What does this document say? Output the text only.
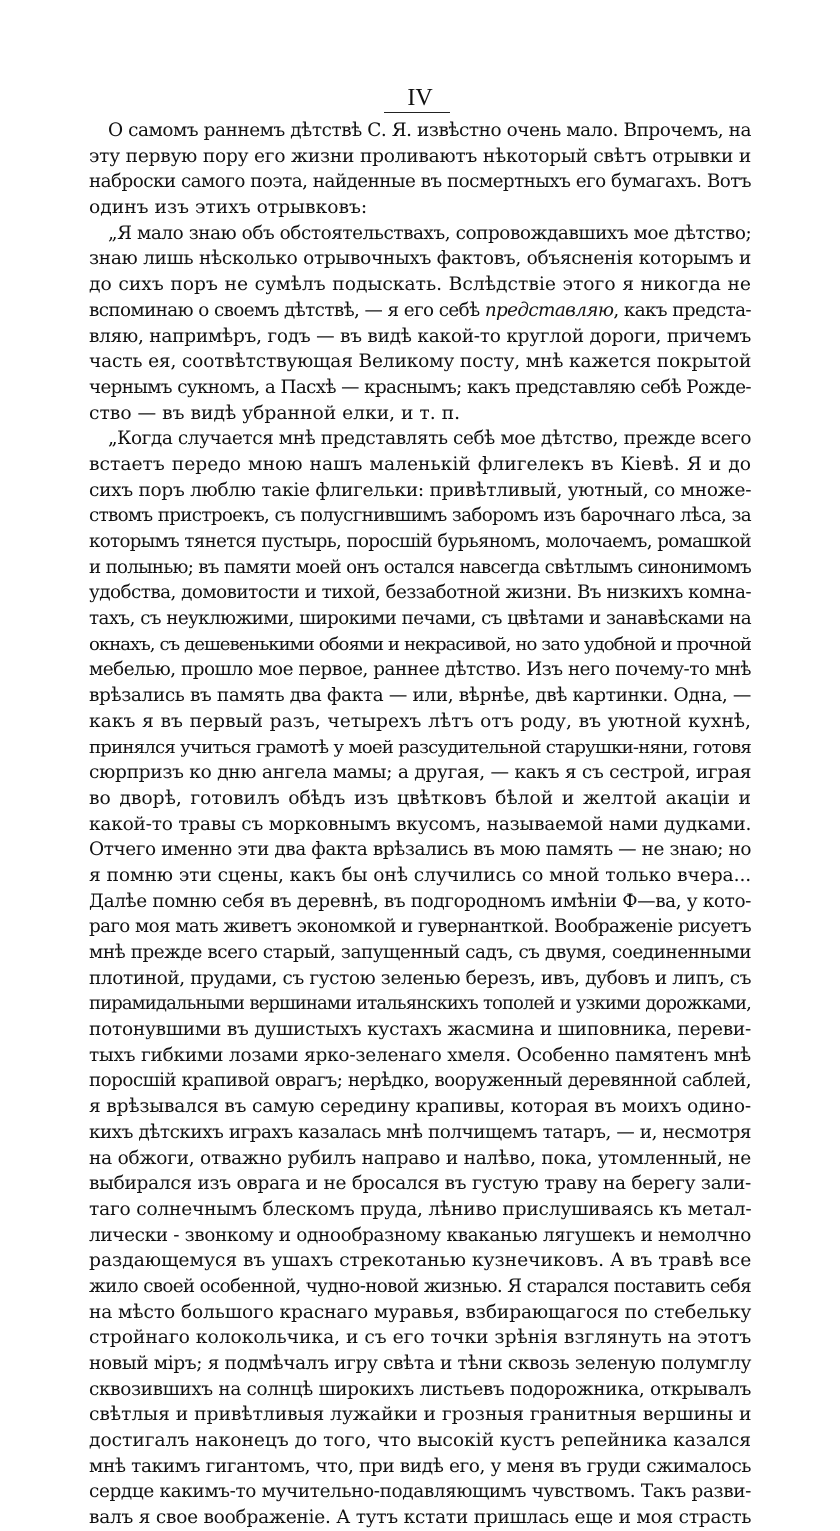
IV
О самомъ раннемъ дѣтствѣ С. Я. извѣстно очень мало. Впрочемъ, на
эту первую пору его жизни проливаютъ нѣкоторый свѣтъ отрывки и
наброски самого поэта, найденные въ посмертныхъ его бумагахъ. Вотъ
одинъ изъ этихъ отрывковъ:
„Я мало знаю объ обстоятельствахъ, сопровождавшихъ мое дѣтство;
знаю лишь нѣсколько отрывочныхъ фактовъ, объясненія которымъ и
до сихъ поръ не сумѣлъ подыскать. Вслѣдствіе этого я никогда не
вспоминаю о своемъ дѣтствѣ, — я его себѣ представляю, какъ предста-
вляю, напримѣръ, годъ — въ видѣ какой-то круглой дороги, причемъ
часть ея, соотвѣтствующая Великому посту, мнѣ кажется покрытой
чернымъ сукномъ, а Пасхѣ — краснымъ; какъ представляю себѣ Рожде-
ство — въ видѣ убранной елки, и т. п.
„Когда случается мнѣ представлять себѣ мое дѣтство, прежде всего
встаетъ передо мною нашъ маленькій флигелекъ въ Кіевѣ. Я и до
сихъ поръ люблю такіе флигельки: привѣтливый, уютный, со множе-
ствомъ пристроекъ, съ полусгнившимъ заборомъ изъ барочнаго лѣса, за
которымъ тянется пустырь, поросшій бурьяномъ, молочаемъ, ромашкой
и полынью; въ памяти моей онъ остался навсегда свѣтлымъ синонимомъ
удобства, домовитости и тихой, беззаботной жизни. Въ низкихъ комна-
тахъ, съ неуклюжими, широкими печами, съ цвѣтами и занавѣсками на
окнахъ, съ дешевенькими обоями и некрасивой, но зато удобной и прочной
мебелью, прошло мое первое, раннее дѣтство. Изъ него почему-то мнѣ
врѣзались въ память два факта — или, вѣрнѣе, двѣ картинки. Одна, —
какъ я въ первый разъ, четырехъ лѣтъ отъ роду, въ уютной кухнѣ,
принялся учиться грамотѣ у моей разсудительной старушки-няни, готовя
сюрпризъ ко дню ангела мамы; а другая, — какъ я съ сестрой, играя
во дворѣ, готовилъ обѣдъ изъ цвѣтковъ бѣлой и желтой акаціи и
какой-то травы съ морковнымъ вкусомъ, называемой нами дудками.
Отчего именно эти два факта врѣзались въ мою память — не знаю; но
я помню эти сцены, какъ бы онѣ случились со мной только вчера...
Далѣе помню себя въ деревнѣ, въ подгородномъ имѣніи Ф—ва, у кото-
раго моя мать живетъ экономкой и гувернанткой. Воображеніе рисуетъ
мнѣ прежде всего старый, запущенный садъ, съ двумя, соединенными
плотиной, прудами, съ густою зеленью березъ, ивъ, дубовъ и липъ, съ
пирамидальными вершинами итальянскихъ тополей и узкими дорожками,
потонувшими въ душистыхъ кустахъ жасмина и шиповника, переви-
тыхъ гибкими лозами ярко-зеленаго хмеля. Особенно памятенъ мнѣ
поросшій крапивой оврагъ; нерѣдко, вооруженный деревянной саблей,
я врѣзывался въ самую середину крапивы, которая въ моихъ одино-
кихъ дѣтскихъ играхъ казалась мнѣ полчищемъ татаръ, — и, несмотря
на обжоги, отважно рубилъ направо и налѣво, пока, утомленный, не
выбирался изъ оврага и не бросался въ густую траву на берегу зали-
таго солнечнымъ блескомъ пруда, лѣниво прислушиваясь къ метал-
лически - звонкому и однообразному кваканью лягушекъ и немолчно
раздающемуся въ ушахъ стрекотанью кузнечиковъ. А въ травѣ все
жило своей особенной, чудно-новой жизнью. Я старался поставить себя
на мѣсто большого краснаго муравья, взбирающагося по стебельку
стройнаго колокольчика, и съ его точки зрѣнія взглянуть на этотъ
новый міръ; я подмѣчалъ игру свѣта и тѣни сквозь зеленую полумглу
сквозившихъ на солнцѣ широкихъ листьевъ подорожника, открывалъ
свѣтлыя и привѣтливыя лужайки и грозныя гранитныя вершины и
достигалъ наконецъ до того, что высокій кустъ репейника казался
мнѣ такимъ гигантомъ, что, при видѣ его, у меня въ груди сжималось
сердце какимъ-то мучительно-подавляющимъ чувствомъ. Такъ разви-
валъ я свое воображеніе. А тутъ кстати пришлась еще и моя страсть
